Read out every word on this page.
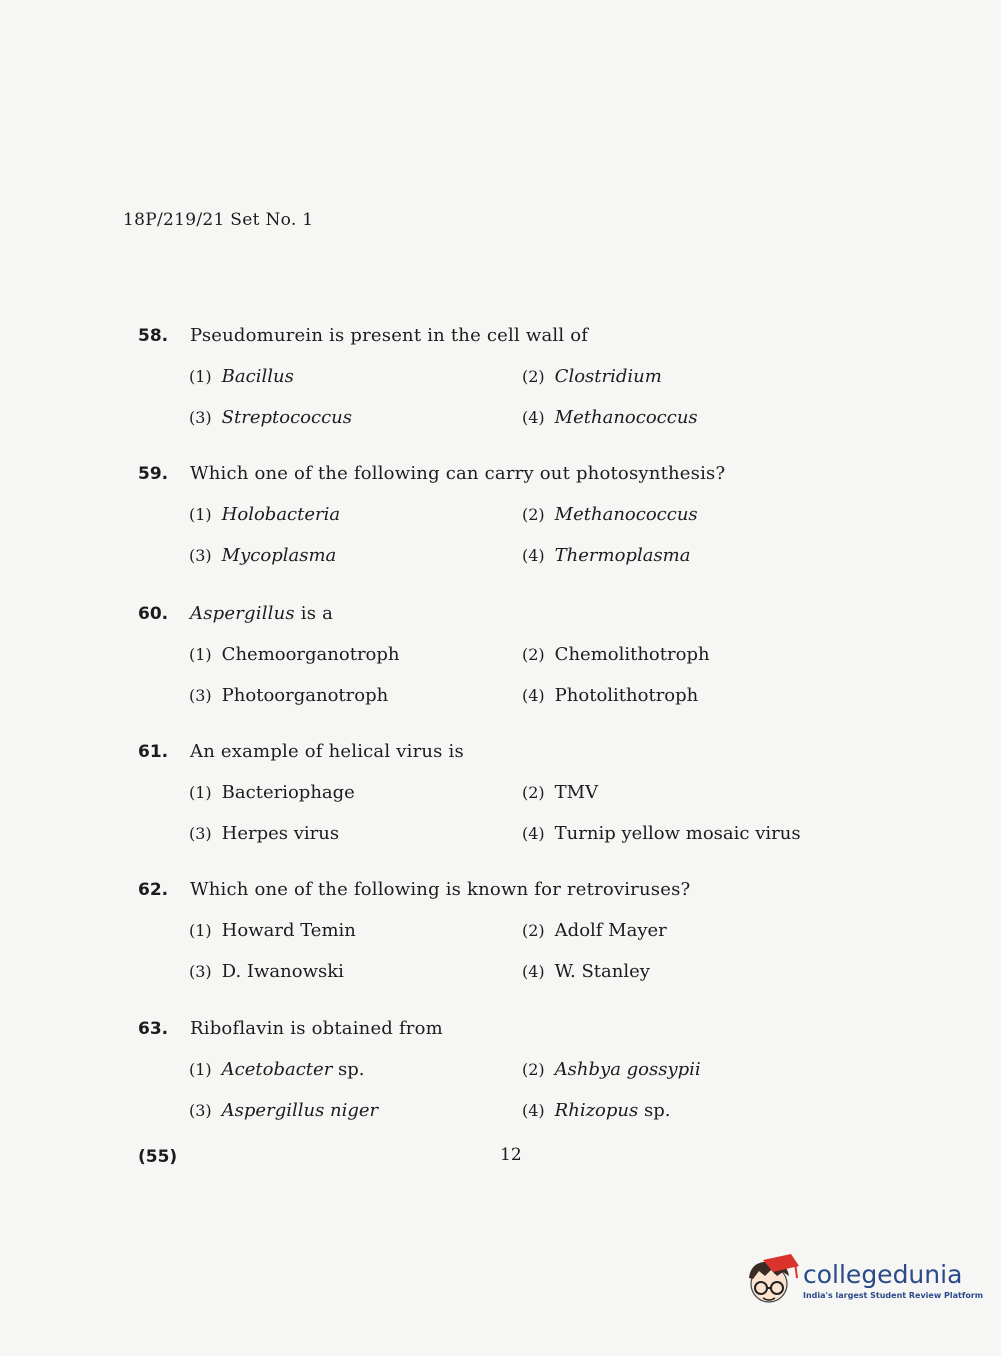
18P/219/21 Set No. 1
58.	Pseudomurein is present in the cell wall of
(1) Bacillus	(2) Clostridium
(3) Streptococcus	(4) Methanococcus
59.	Which one of the following can carry out photosynthesis?
(1) Holobacteria	(2) Methanococcus
(3) Mycoplasma	(4) Thermoplasma
60.	Aspergillus is a
(1) Chemoorganotroph	(2) Chemolithotroph
(3) Photoorganotroph	(4) Photolithotroph
61.	An example of helical virus is
(1) Bacteriophage	(2) TMV
(3) Herpes virus	(4) Turnip yellow mosaic virus
62.	Which one of the following is known for retroviruses?
(1) Howard Temin	(2) Adolf Mayer
(3) D. Iwanowski	(4) W. Stanley
63.	Riboflavin is obtained from
(1) Acetobacter sp.	(2) Ashbya gossypii
(3) Aspergillus niger	(4) Rhizopus sp.
(55)	12
collegedunia
India's largest Student Review Platform
